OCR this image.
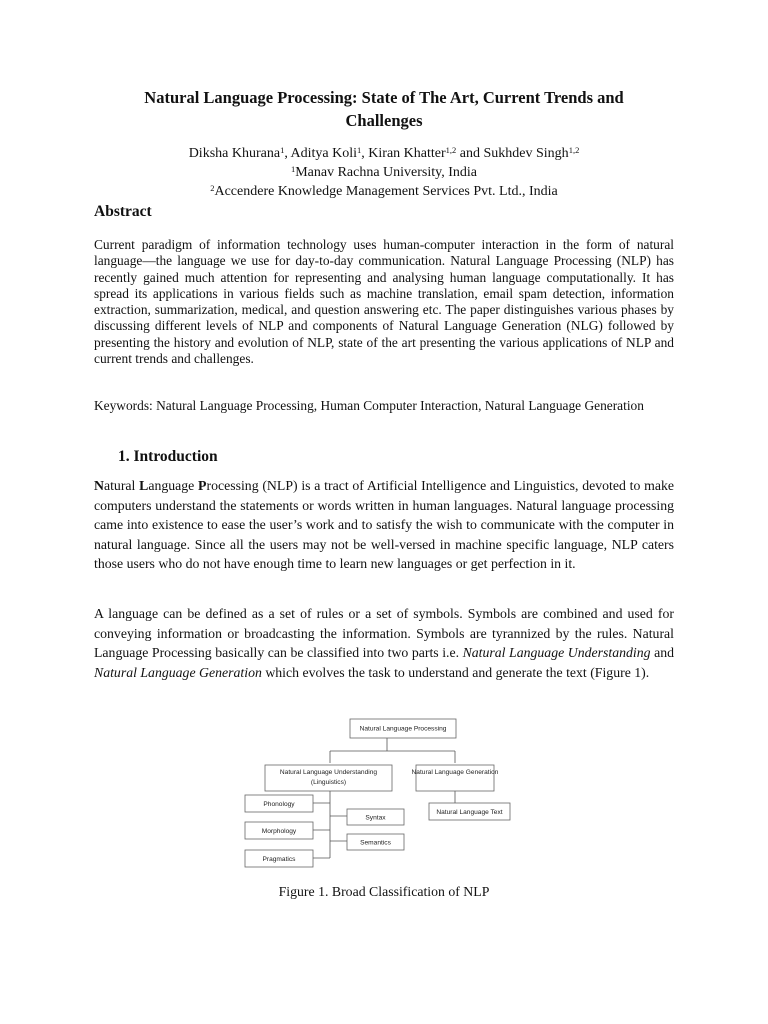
Natural Language Processing: State of The Art, Current Trends and
Challenges
Diksha Khurana$^1$, Aditya Koli$^1$, Kiran Khatter$^{1,2}$ and Sukhdev Singh$^{1,2}$
$^1$Manav Rachna University, India
$^2$Accendere Knowledge Management Services Pvt. Ltd., India
Abstract
Current paradigm of information technology uses human-computer interaction in the form of natural language—the language we use for day-to-day communication. Natural Language Processing (NLP) has recently gained much attention for representing and analysing human language computationally. It has spread its applications in various fields such as machine translation, email spam detection, information extraction, summarization, medical, and question answering etc. The paper distinguishes various phases by discussing different levels of NLP and components of Natural Language Generation (NLG) followed by presenting the history and evolution of NLP, state of the art presenting the various applications of NLP and current trends and challenges.
Keywords: Natural Language Processing, Human Computer Interaction, Natural Language Generation
1. Introduction
Natural Language Processing (NLP) is a tract of Artificial Intelligence and Linguistics, devoted to make computers understand the statements or words written in human languages. Natural language processing came into existence to ease the user’s work and to satisfy the wish to communicate with the computer in natural language. Since all the users may not be well-versed in machine specific language, NLP caters those users who do not have enough time to learn new languages or get perfection in it.
A language can be defined as a set of rules or a set of symbols. Symbols are combined and used for conveying information or broadcasting the information. Symbols are tyrannized by the rules. Natural Language Processing basically can be classified into two parts i.e. Natural Language Understanding and Natural Language Generation which evolves the task to understand and generate the text (Figure 1).
Natural Language Processing
Natural Language Understanding
(Linguistics)
Natural Language Generation
Phonology
Morphology
Pragmatics
Syntax
Semantics
Natural Language Text
Figure 1. Broad Classification of NLP
